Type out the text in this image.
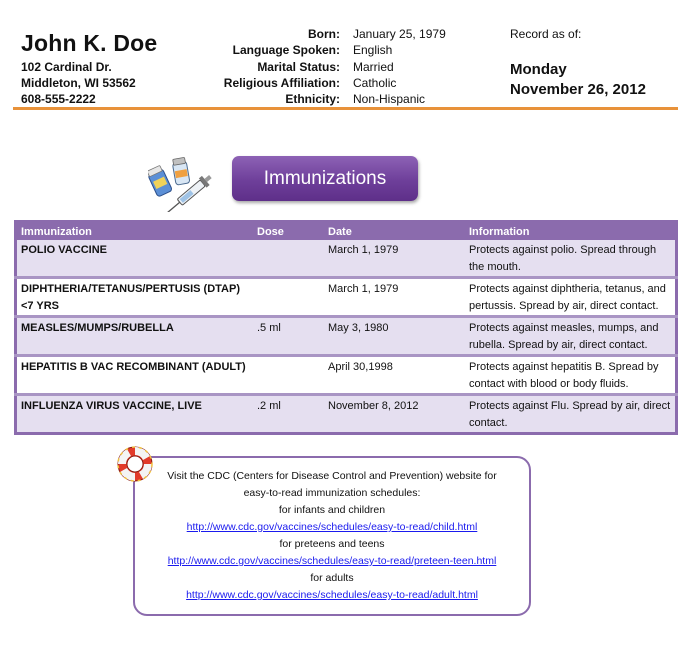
John K. Doe
102 Cardinal Dr.
Middleton, WI 53562
608-555-2222
Born: January 25, 1979
Language Spoken: English
Marital Status: Married
Religious Affiliation: Catholic
Ethnicity: Non-Hispanic
Record as of:
Monday
November 26, 2012
Immunizations
Immunization	Dose	Date	Information
POLIO VACCINE		March 1, 1979	Protects against polio. Spread through the mouth.
DIPHTHERIA/TETANUS/PERTUSIS (DTAP) <7 YRS		March 1, 1979	Protects against diphtheria, tetanus, and pertussis. Spread by air, direct contact.
MEASLES/MUMPS/RUBELLA	.5 ml	May 3, 1980	Protects against measles, mumps, and rubella. Spread by air, direct contact.
HEPATITIS B VAC RECOMBINANT (ADULT)		April 30,1998	Protects against hepatitis B. Spread by contact with blood or body fluids.
INFLUENZA VIRUS VACCINE, LIVE	.2 ml	November 8, 2012	Protects against Flu. Spread by air, direct contact.
Visit the CDC (Centers for Disease Control and Prevention) website for
easy-to-read immunization schedules:
for infants and children
http://www.cdc.gov/vaccines/schedules/easy-to-read/child.html
for preteens and teens
http://www.cdc.gov/vaccines/schedules/easy-to-read/preteen-teen.html
for adults
http://www.cdc.gov/vaccines/schedules/easy-to-read/adult.html
